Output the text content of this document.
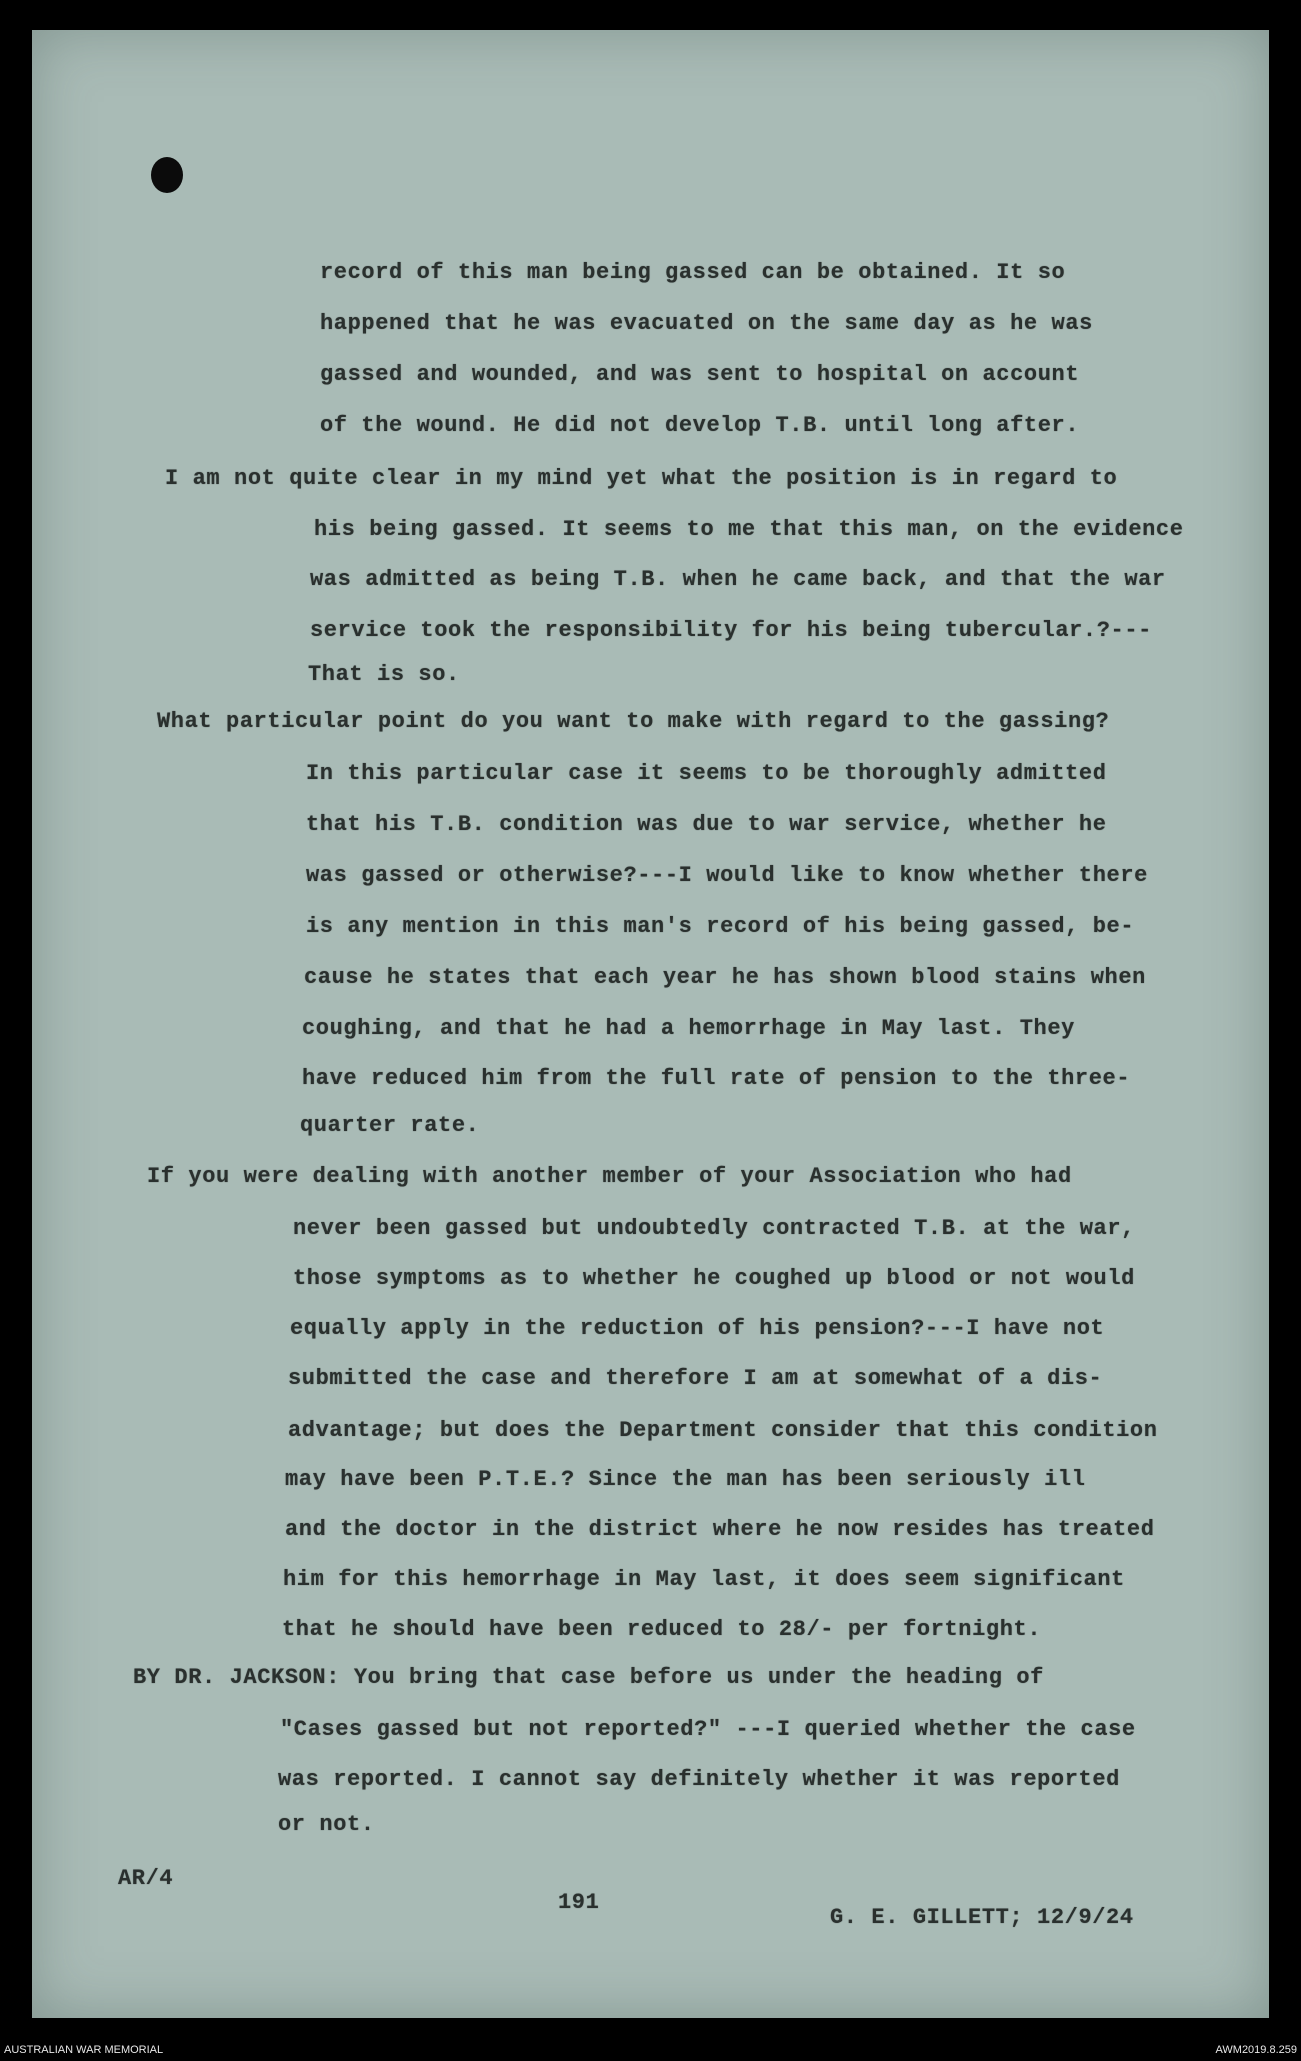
record of this man being gassed can be obtained. It so
happened that he was evacuated on the same day as he was
gassed and wounded, and was sent to hospital on account
of the wound. He did not develop T.B. until long after.
I am not quite clear in my mind yet what the position is in regard to
his being gassed. It seems to me that this man, on the evidence
was admitted as being T.B. when he came back, and that the war
service took the responsibility for his being tubercular.?---
That is so.
What particular point do you want to make with regard to the gassing?
In this particular case it seems to be thoroughly admitted
that his T.B. condition was due to war service, whether he
was gassed or otherwise?---I would like to know whether there
is any mention in this man's record of his being gassed, be-
cause he states that each year he has shown blood stains when
coughing, and that he had a hemorrhage in May last. They
have reduced him from the full rate of pension to the three-
quarter rate.
If you were dealing with another member of your Association who had
never been gassed but undoubtedly contracted T.B. at the war,
those symptoms as to whether he coughed up blood or not would
equally apply in the reduction of his pension?---I have not
submitted the case and therefore I am at somewhat of a dis-
advantage; but does the Department consider that this condition
may have been P.T.E.? Since the man has been seriously ill
and the doctor in the district where he now resides has treated
him for this hemorrhage in May last, it does seem significant
that he should have been reduced to 28/- per fortnight.
BY DR. JACKSON: You bring that case before us under the heading of
"Cases gassed but not reported?" ---I queried whether the case
was reported. I cannot say definitely whether it was reported
or not.
AR/4
191
G. E. GILLETT; 12/9/24
AUSTRALIAN WAR MEMORIAL	AWM2019.8.259
